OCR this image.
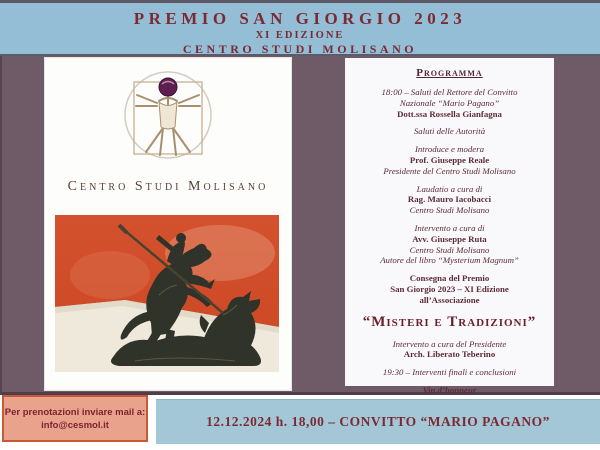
PREMIO SAN GIORGIO 2023
XI EDIZIONE
CENTRO STUDI MOLISANO
Centro Studi Molisano
Programma
18:00 – Saluti del Rettore del Convitto
Nazionale “Mario Pagano”
Dott.ssa Rossella Gianfagna
Saluti delle Autorità
Introduce e modera
Prof. Giuseppe Reale
Presidente del Centro Studi Molisano
Laudatio a cura di
Rag. Mauro Iacobacci
Centro Studi Molisano
Intervento a cura di
Avv. Giuseppe Ruta
Centro Studi Molisano
Autore del libro “Mysterium Magnum”
Consegna del Premio
San Giorgio 2023 – XI Edizione
all’Associazione
“Misteri e Tradizioni”
Intervento a cura del Presidente
Arch. Liberato Teberino
19:30 – Interventi finali e conclusioni
Vin d’honneur
Per prenotazioni inviare mail a:
info@cesmol.it	12.12.2024 h. 18,00 – CONVITTO “MARIO PAGANO”
